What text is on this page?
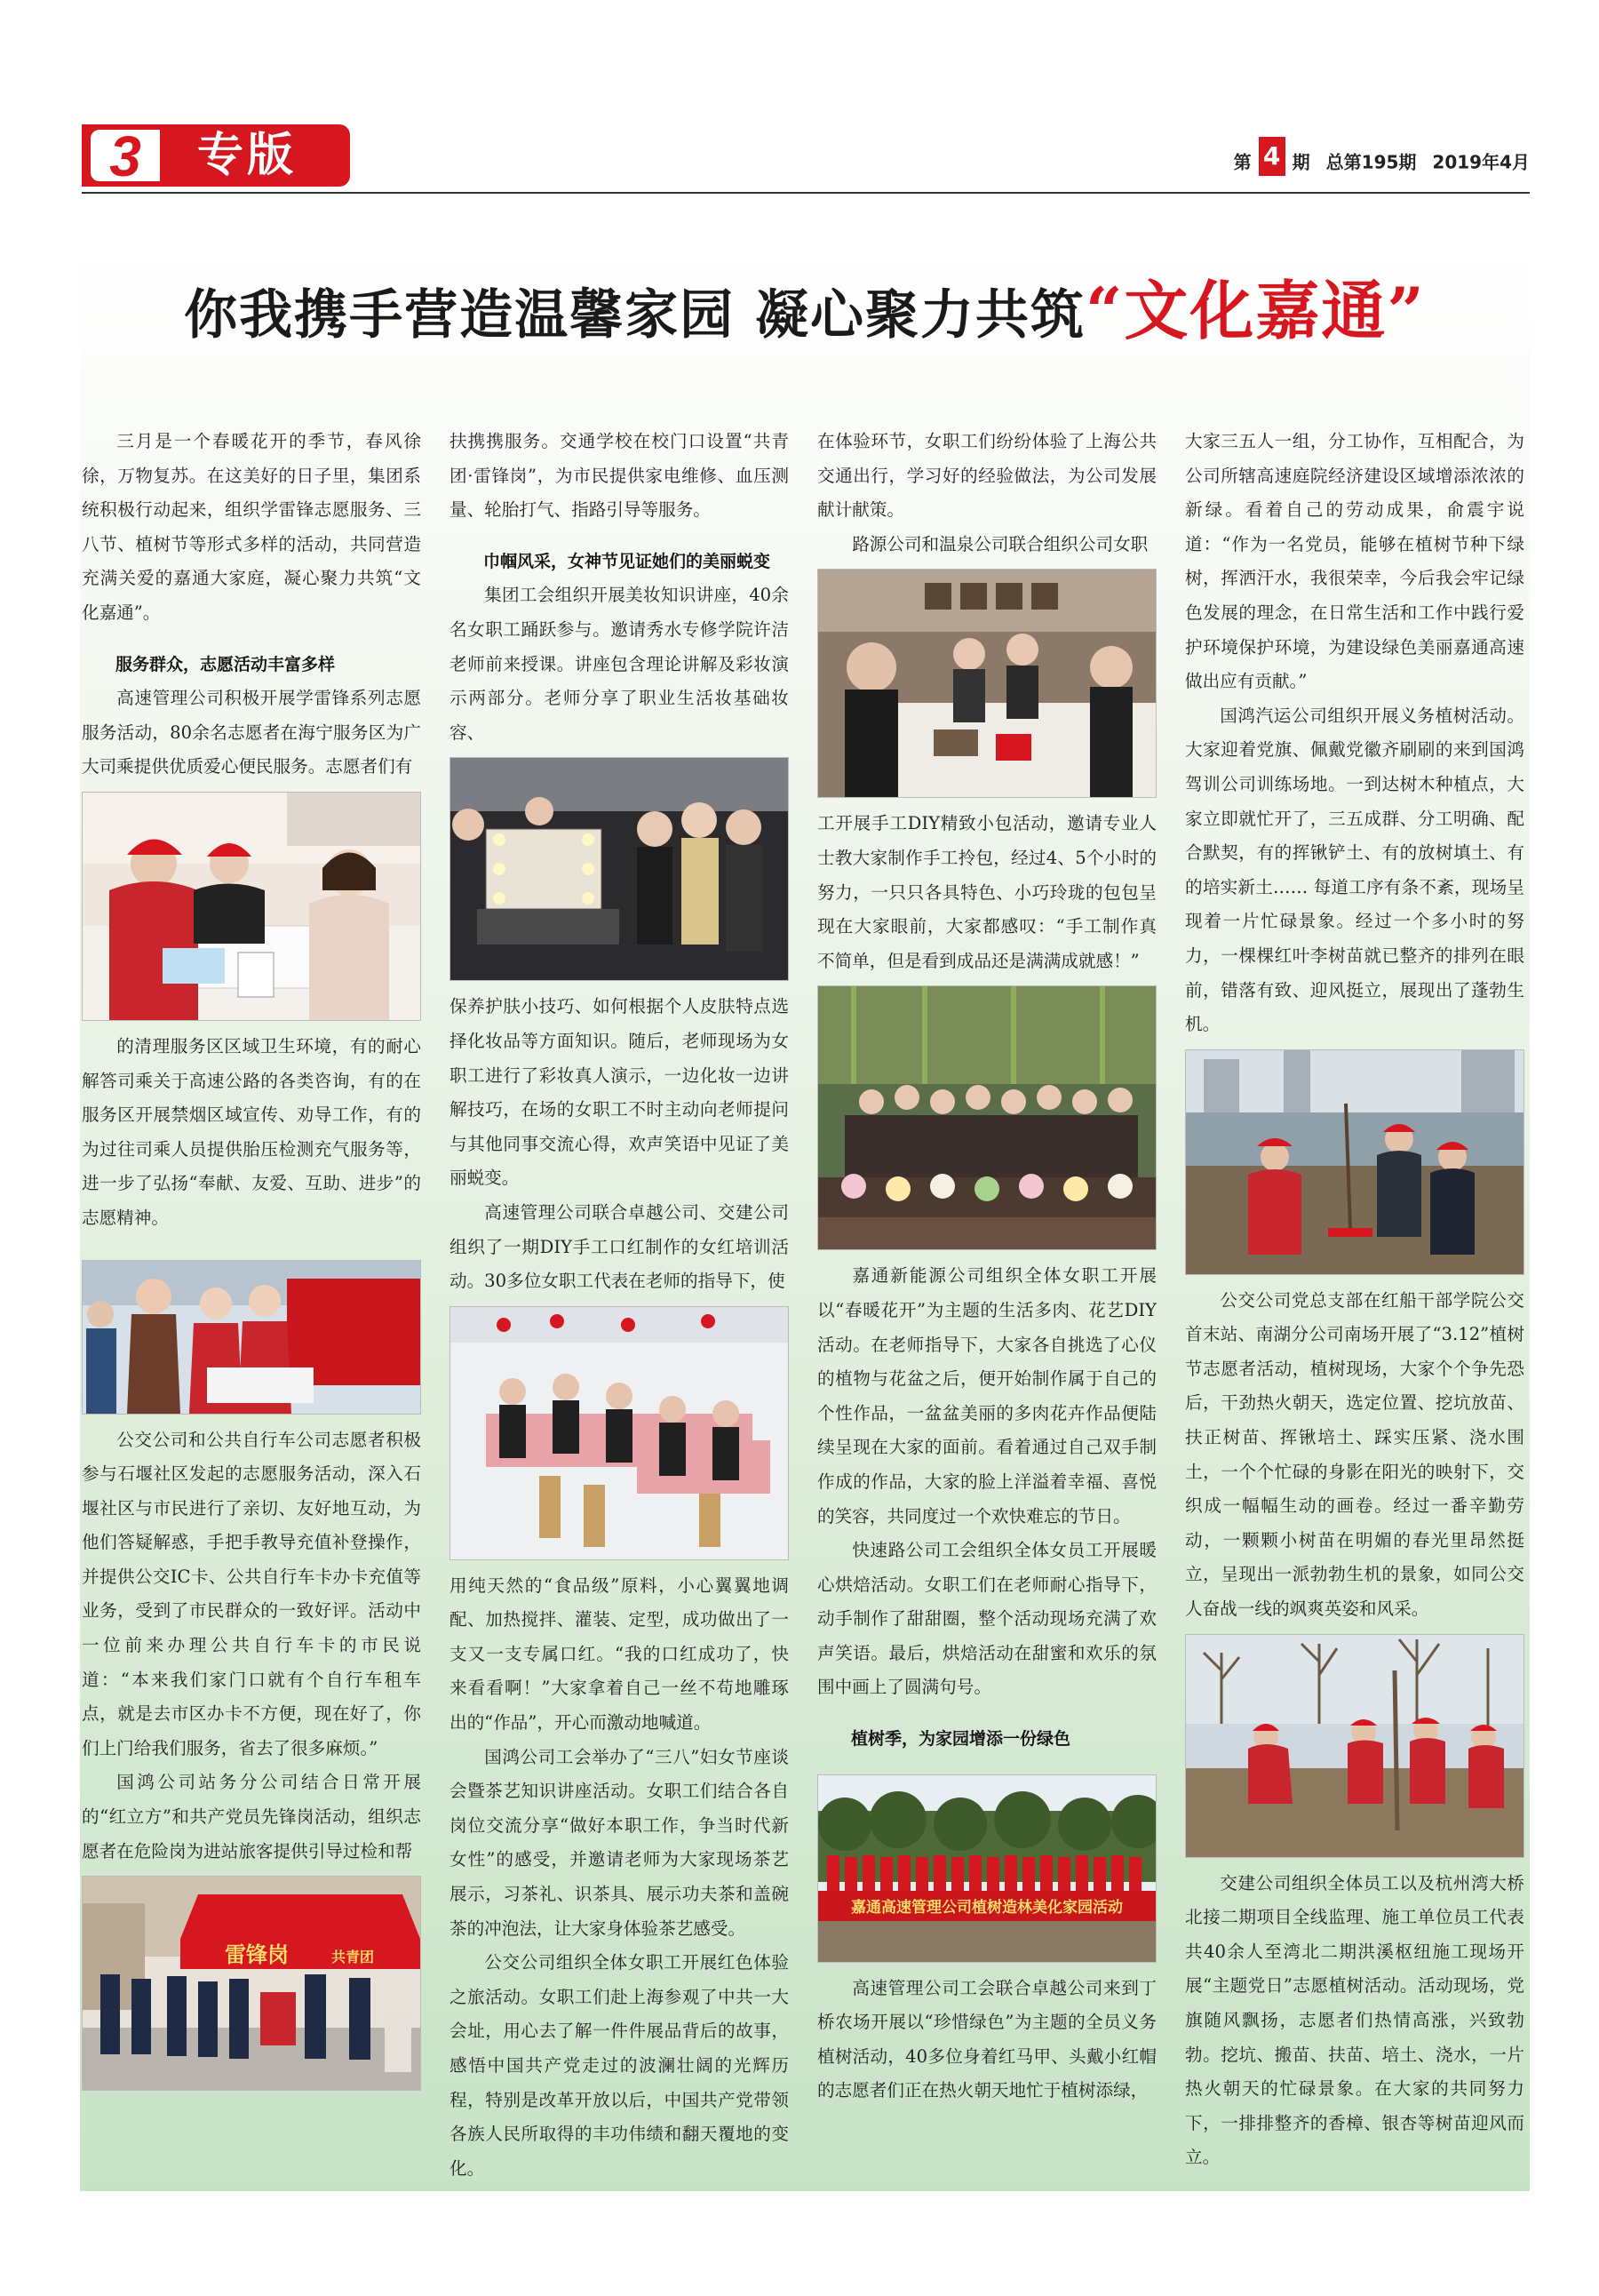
3	专版	第 4 期 总第195期 2019年4月
你我携手营造温馨家园 凝心聚力共筑“文化嘉通”

三月是一个春暖花开的季节，春风徐徐，万物复苏。在这美好的日子里，集团系统积极行动起来，组织学雷锋志愿服务、三八节、植树节等形式多样的活动，共同营造充满关爱的嘉通大家庭，凝心聚力共筑“文化嘉通”。

服务群众，志愿活动丰富多样

高速管理公司积极开展学雷锋系列志愿服务活动，80余名志愿者在海宁服务区为广大司乘提供优质爱心便民服务。志愿者们有

的清理服务区区域卫生环境，有的耐心解答司乘关于高速公路的各类咨询，有的在服务区开展禁烟区域宣传、劝导工作，有的为过往司乘人员提供胎压检测充气服务等，进一步了弘扬“奉献、友爱、互助、进步”的志愿精神。

公交公司和公共自行车公司志愿者积极参与石堰社区发起的志愿服务活动，深入石堰社区与市民进行了亲切、友好地互动，为他们答疑解惑，手把手教导充值补登操作，并提供公交IC卡、公共自行车卡办卡充值等业务，受到了市民群众的一致好评。活动中一位前来办理公共自行车卡的市民说道：“本来我们家门口就有个自行车租车点，就是去市区办卡不方便，现在好了，你们上门给我们服务，省去了很多麻烦。”

国鸿公司站务分公司结合日常开展的“红立方”和共产党员先锋岗活动，组织志愿者在危险岗为进站旅客提供引导过检和帮

雷锋岗	共青团

扶携携服务。交通学校在校门口设置“共青团·雷锋岗”，为市民提供家电维修、血压测量、轮胎打气、指路引导等服务。

巾帼风采，女神节见证她们的美丽蜕变

集团工会组织开展美妆知识讲座，40余名女职工踊跃参与。邀请秀水专修学院许洁老师前来授课。讲座包含理论讲解及彩妆演示两部分。老师分享了职业生活妆基础妆容、

保养护肤小技巧、如何根据个人皮肤特点选择化妆品等方面知识。随后，老师现场为女职工进行了彩妆真人演示，一边化妆一边讲解技巧，在场的女职工不时主动向老师提问与其他同事交流心得，欢声笑语中见证了美丽蜕变。

高速管理公司联合卓越公司、交建公司组织了一期DIY手工口红制作的女红培训活动。30多位女职工代表在老师的指导下，使

用纯天然的“食品级”原料，小心翼翼地调配、加热搅拌、灌装、定型，成功做出了一支又一支专属口红。“我的口红成功了，快来看看啊！”大家拿着自己一丝不苟地雕琢出的“作品”，开心而激动地喊道。

国鸿公司工会举办了“三八”妇女节座谈会暨茶艺知识讲座活动。女职工们结合各自岗位交流分享“做好本职工作，争当时代新女性”的感受，并邀请老师为大家现场茶艺展示，习茶礼、识茶具、展示功夫茶和盖碗茶的冲泡法，让大家身体验茶艺感受。

公交公司组织全体女职工开展红色体验之旅活动。女职工们赴上海参观了中共一大会址，用心去了解一件件展品背后的故事，感悟中国共产党走过的波澜壮阔的光辉历程，特别是改革开放以后，中国共产党带领各族人民所取得的丰功伟绩和翻天覆地的变化。

在体验环节，女职工们纷纷体验了上海公共交通出行，学习好的经验做法，为公司发展献计献策。

路源公司和温泉公司联合组织公司女职

工开展手工DIY精致小包活动，邀请专业人士教大家制作手工拎包，经过4、5个小时的努力，一只只各具特色、小巧玲珑的包包呈现在大家眼前，大家都感叹：“手工制作真不简单，但是看到成品还是满满成就感！”

嘉通新能源公司组织全体女职工开展以“春暖花开”为主题的生活多肉、花艺DIY活动。在老师指导下，大家各自挑选了心仪的植物与花盆之后，便开始制作属于自己的个性作品，一盆盆美丽的多肉花卉作品便陆续呈现在大家的面前。看着通过自己双手制作成的作品，大家的脸上洋溢着幸福、喜悦的笑容，共同度过一个欢快难忘的节日。

快速路公司工会组织全体女员工开展暖心烘焙活动。女职工们在老师耐心指导下，动手制作了甜甜圈，整个活动现场充满了欢声笑语。最后，烘焙活动在甜蜜和欢乐的氛围中画上了圆满句号。

植树季，为家园增添一份绿色
嘉通高速管理公司植树造林美化家园活动

高速管理公司工会联合卓越公司来到丁桥农场开展以“珍惜绿色”为主题的全员义务植树活动，40多位身着红马甲、头戴小红帽的志愿者们正在热火朝天地忙于植树添绿，

大家三五人一组，分工协作，互相配合，为公司所辖高速庭院经济建设区域增添浓浓的新绿。看着自己的劳动成果，俞震宇说道：“作为一名党员，能够在植树节种下绿树，挥洒汗水，我很荣幸，今后我会牢记绿色发展的理念，在日常生活和工作中践行爱护环境保护环境，为建设绿色美丽嘉通高速做出应有贡献。”

国鸿汽运公司组织开展义务植树活动。大家迎着党旗、佩戴党徽齐刷刷的来到国鸿驾训公司训练场地。一到达树木种植点，大家立即就忙开了，三五成群、分工明确、配合默契，有的挥锹铲土、有的放树填土、有的培实新土…… 每道工序有条不紊，现场呈现着一片忙碌景象。经过一个多小时的努力，一棵棵红叶李树苗就已整齐的排列在眼前，错落有致、迎风挺立，展现出了蓬勃生机。

公交公司党总支部在红船干部学院公交首末站、南湖分公司南场开展了“3.12”植树节志愿者活动，植树现场，大家个个争先恐后，干劲热火朝天，选定位置、挖坑放苗、扶正树苗、挥锹培土、踩实压紧、浇水围土，一个个忙碌的身影在阳光的映射下，交织成一幅幅生动的画卷。经过一番辛勤劳动，一颗颗小树苗在明媚的春光里昂然挺立，呈现出一派勃勃生机的景象，如同公交人奋战一线的飒爽英姿和风采。

交建公司组织全体员工以及杭州湾大桥北接二期项目全线监理、施工单位员工代表共40余人至湾北二期洪溪枢纽施工现场开展“主题党日”志愿植树活动。活动现场，党旗随风飘扬，志愿者们热情高涨，兴致勃勃。挖坑、搬苗、扶苗、培土、浇水，一片热火朝天的忙碌景象。在大家的共同努力下，一排排整齐的香樟、银杏等树苗迎风而立。
